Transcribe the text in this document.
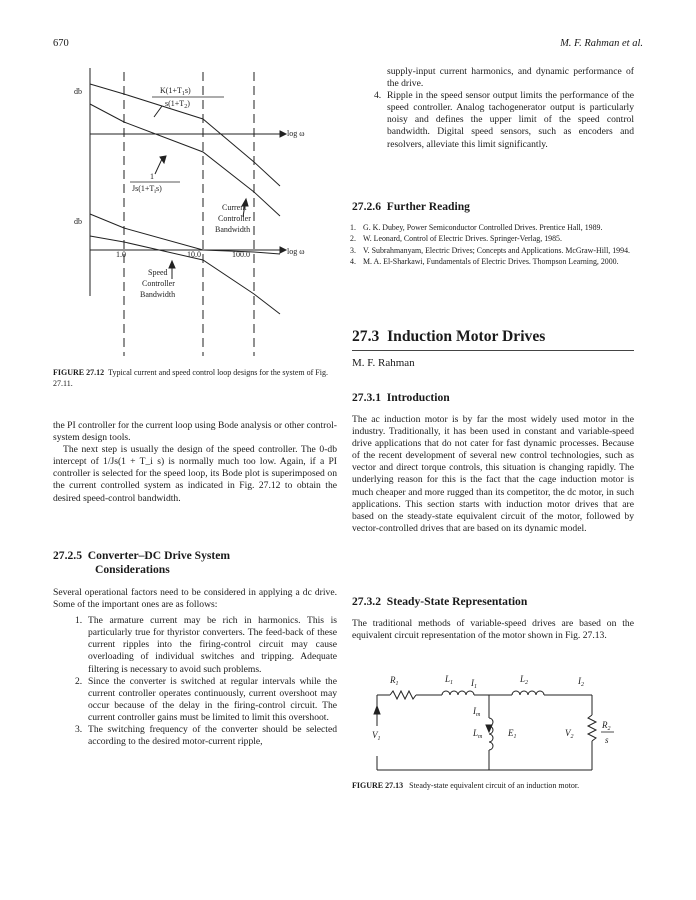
670	M. F. Rahman et al.
db
db
log ω
log ω
$K(1+T_1s)$
$s(1+T_2)$
1
$Js(1+T_is)$
Current
Controller
Bandwidth
1.0	10.0	100.0
Speed
Controller
Bandwidth
FIGURE 27.12 Typical current and speed control loop designs for the system of Fig. 27.11.

the PI controller for the current loop using Bode analysis or other control-system design tools.

The next step is usually the design of the speed controller. The 0-db intercept of 1/Js(1 + T_i s) is normally much too low. Again, if a PI controller is selected for the speed loop, its Bode plot is superimposed on the current controlled system as indicated in Fig. 27.12 to obtain the desired speed-control bandwidth.

27.2.5 Converter–DC Drive System
Considerations

Several operational factors need to be considered in applying a dc drive. Some of the important ones are as follows:

1. The armature current may be rich in harmonics. This is particularly true for thyristor converters. The feed-back of these current ripples into the firing-control circuit may cause overloading of individual switches and tripping. Adequate filtering is necessary to avoid such problems.
2. Since the converter is switched at regular intervals while the current controller operates continuously, current overshoot may occur because of the delay in the firing-control circuit. The current controller gains must be limited to limit this overshoot.
3. The switching frequency of the converter should be selected according to the desired motor-current ripple,

supply-input current harmonics, and dynamic performance of the drive.

4. Ripple in the speed sensor output limits the performance of the speed controller. Analog tachogenerator output is particularly noisy and defines the upper limit of the speed control bandwidth. Digital speed sensors, such as encoders and resolvers, alleviate this limit significantly.
27.2.6 Further Reading
1. G. K. Dubey, Power Semiconductor Controlled Drives. Prentice Hall, 1989.
2. W. Leonard, Control of Electric Drives. Springer-Verlag, 1985.
3. V. Subrahmanyam, Electric Drives; Concepts and Applications. McGraw-Hill, 1994.
4. M. A. El-Sharkawi, Fundamentals of Electric Drives. Thompson Learning, 2000.
27.3 Induction Motor Drives
M. F. Rahman
27.3.1 Introduction

The ac induction motor is by far the most widely used motor in the industry. Traditionally, it has been used in constant and variable-speed drive applications that do not cater for fast dynamic processes. Because of the recent development of several new control technologies, such as vector and direct torque controls, this situation is changing rapidly. The underlying reason for this is the fact that the cage induction motor is much cheaper and more rugged than its competitor, the dc motor, in such applications. This section starts with induction motor drives that are based on the steady-state equivalent circuit of the motor, followed by vector-controlled drives that are based on its dynamic model.

27.3.2 Steady-State Representation

The traditional methods of variable-speed drives are based on the equivalent circuit representation of the motor shown in Fig. 27.13.

$R_1$	$L_1$ $I_1$
$L_2$	$I_2$
$I_m$
$L_m$	$E_1$
$V_1$
$V_2$
$R_2$
s
FIGURE 27.13 Steady-state equivalent circuit of an induction motor.
